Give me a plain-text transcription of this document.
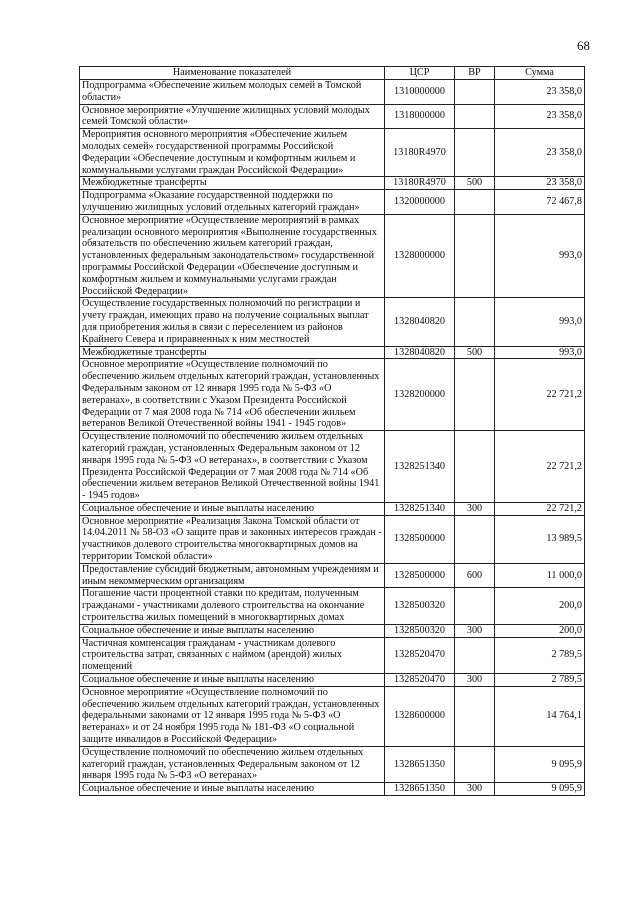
68
Наименование показателей	ЦСР	ВР	Сумма
Подпрограмма «Обеспечение жильем молодых семей в Томской области»	1310000000		23 358,0
Основное мероприятие «Улучшение жилищных условий молодых семей Томской области»	1318000000		23 358,0
Мероприятия основного мероприятия «Обеспечение жильем молодых семей» государственной программы Российской Федерации «Обеспечение доступным и комфортным жильем и коммунальными услугами граждан Российской Федерации»	13180R4970		23 358,0
Межбюджетные трансферты	13180R4970	500	23 358,0
Подпрограмма «Оказание государственной поддержки по улучшению жилищных условий отдельных категорий граждан»	1320000000		72 467,8
Основное мероприятие «Осуществление мероприятий в рамках реализации основного мероприятия «Выполнение государственных обязательств по обеспечению жильем категорий граждан, установленных федеральным законодательством» государственной программы Российской Федерации «Обеспечение доступным и комфортным жильем и коммунальными услугами граждан Российской Федерации»	1328000000		993,0
Осуществление государственных полномочий по регистрации и учету граждан, имеющих право на получение социальных выплат для приобретения жилья в связи с переселением из районов Крайнего Севера и приравненных к ним местностей	1328040820		993,0
Межбюджетные трансферты	1328040820	500	993,0
Основное мероприятие «Осуществление полномочий по обеспечению жильем отдельных категорий граждан, установленных Федеральным законом от 12 января 1995 года № 5-ФЗ «О ветеранах», в соответствии с Указом Президента Российской Федерации от 7 мая 2008 года № 714 «Об обеспечении жильем ветеранов Великой Отечественной войны 1941 - 1945 годов»	1328200000		22 721,2
Осуществление полномочий по обеспечению жильем отдельных категорий граждан, установленных Федеральным законом от 12 января 1995 года № 5-ФЗ «О ветеранах», в соответствии с Указом Президента Российской Федерации от 7 мая 2008 года № 714 «Об обеспечении жильем ветеранов Великой Отечественной войны 1941 - 1945 годов»	1328251340		22 721,2
Социальное обеспечение и иные выплаты населению	1328251340	300	22 721,2
Основное мероприятие «Реализация Закона Томской области от 14.04.2011 № 58-ОЗ «О защите прав и законных интересов граждан - участников долевого строительства многоквартирных домов на территории Томской области»	1328500000		13 989,5
Предоставление субсидий бюджетным, автономным учреждениям и иным некоммерческим организациям	1328500000	600	11 000,0
Погашение части процентной ставки по кредитам, полученным гражданами - участниками долевого строительства на окончание строительства жилых помещений в многоквартирных домах	1328500320		200,0
Социальное обеспечение и иные выплаты населению	1328500320	300	200,0
Частичная компенсация гражданам - участникам долевого строительства затрат, связанных с наймом (арендой) жилых помещений	1328520470		2 789,5
Социальное обеспечение и иные выплаты населению	1328520470	300	2 789,5
Основное мероприятие «Осуществление полномочий по обеспечению жильем отдельных категорий граждан, установленных федеральными законами от 12 января 1995 года № 5-ФЗ «О ветеранах» и от 24 ноября 1995 года № 181-ФЗ «О социальной защите инвалидов в Российской Федерации»	1328600000		14 764,1
Осуществление полномочий по обеспечению жильем отдельных категорий граждан, установленных Федеральным законом от 12 января 1995 года № 5-ФЗ «О ветеранах»	1328651350		9 095,9
Социальное обеспечение и иные выплаты населению	1328651350	300	9 095,9
